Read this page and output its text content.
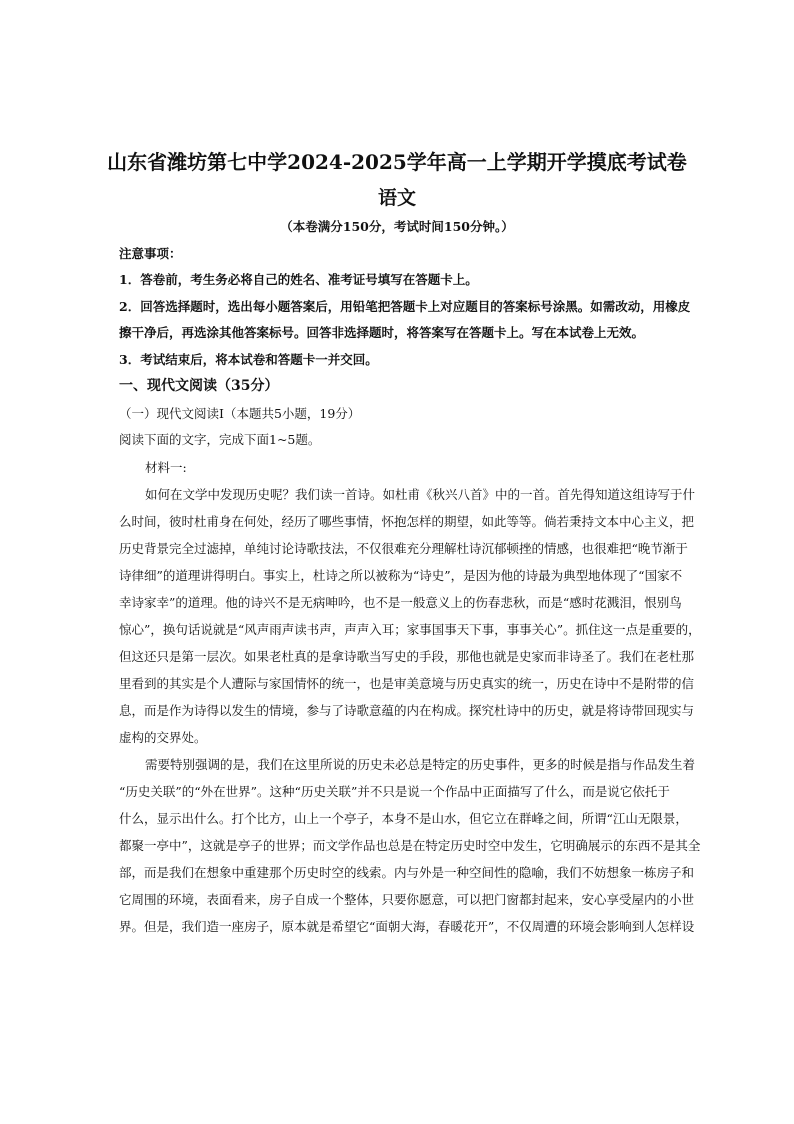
山东省潍坊第七中学2024-2025学年高一上学期开学摸底考试卷
语文
（本卷满分150分，考试时间150分钟。）
注意事项：
1．答卷前，考生务必将自己的姓名、准考证号填写在答题卡上。
2．回答选择题时，选出每小题答案后，用铅笔把答题卡上对应题目的答案标号涂黑。如需改动，用橡皮
擦干净后，再选涂其他答案标号。回答非选择题时，将答案写在答题卡上。写在本试卷上无效。
3．考试结束后，将本试卷和答题卡一并交回。
一、现代文阅读（35分）
（一）现代文阅读Ⅰ（本题共5小题，19分）
阅读下面的文字，完成下面1~5题。
材料一:
如何在文学中发现历史呢？我们读一首诗。如杜甫《秋兴八首》中的一首。首先得知道这组诗写于什
么时间，彼时杜甫身在何处，经历了哪些事情，怀抱怎样的期望，如此等等。倘若秉持文本中心主义，把
历史背景完全过滤掉，单纯讨论诗歌技法，不仅很难充分理解杜诗沉郁顿挫的情感，也很难把“晚节渐于
诗律细”的道理讲得明白。事实上，杜诗之所以被称为“诗史”，是因为他的诗最为典型地体现了“国家不
幸诗家幸”的道理。他的诗兴不是无病呻吟，也不是一般意义上的伤春悲秋，而是“感时花溅泪，恨别鸟
惊心”，换句话说就是“风声雨声读书声，声声入耳；家事国事天下事，事事关心”。抓住这一点是重要的，
但这还只是第一层次。如果老杜真的是拿诗歌当写史的手段，那他也就是史家而非诗圣了。我们在老杜那
里看到的其实是个人遭际与家国情怀的统一，也是审美意境与历史真实的统一，历史在诗中不是附带的信
息，而是作为诗得以发生的情境，参与了诗歌意蕴的内在构成。探究杜诗中的历史，就是将诗带回现实与
虚构的交界处。
需要特别强调的是，我们在这里所说的历史未必总是特定的历史事件，更多的时候是指与作品发生着
“历史关联”的“外在世界”。这种“历史关联”并不只是说一个作品中正面描写了什么，而是说它依托于
什么，显示出什么。打个比方，山上一个亭子，本身不是山水，但它立在群峰之间，所谓“江山无限景，
都聚一亭中”，这就是亭子的世界；而文学作品也总是在特定历史时空中发生，它明确展示的东西不是其全
部，而是我们在想象中重建那个历史时空的线索。内与外是一种空间性的隐喻，我们不妨想象一栋房子和
它周围的环境，表面看来，房子自成一个整体，只要你愿意，可以把门窗都封起来，安心享受屋内的小世
界。但是，我们造一座房子，原本就是希望它“面朝大海，春暖花开”，不仅周遭的环境会影响到人怎样设
